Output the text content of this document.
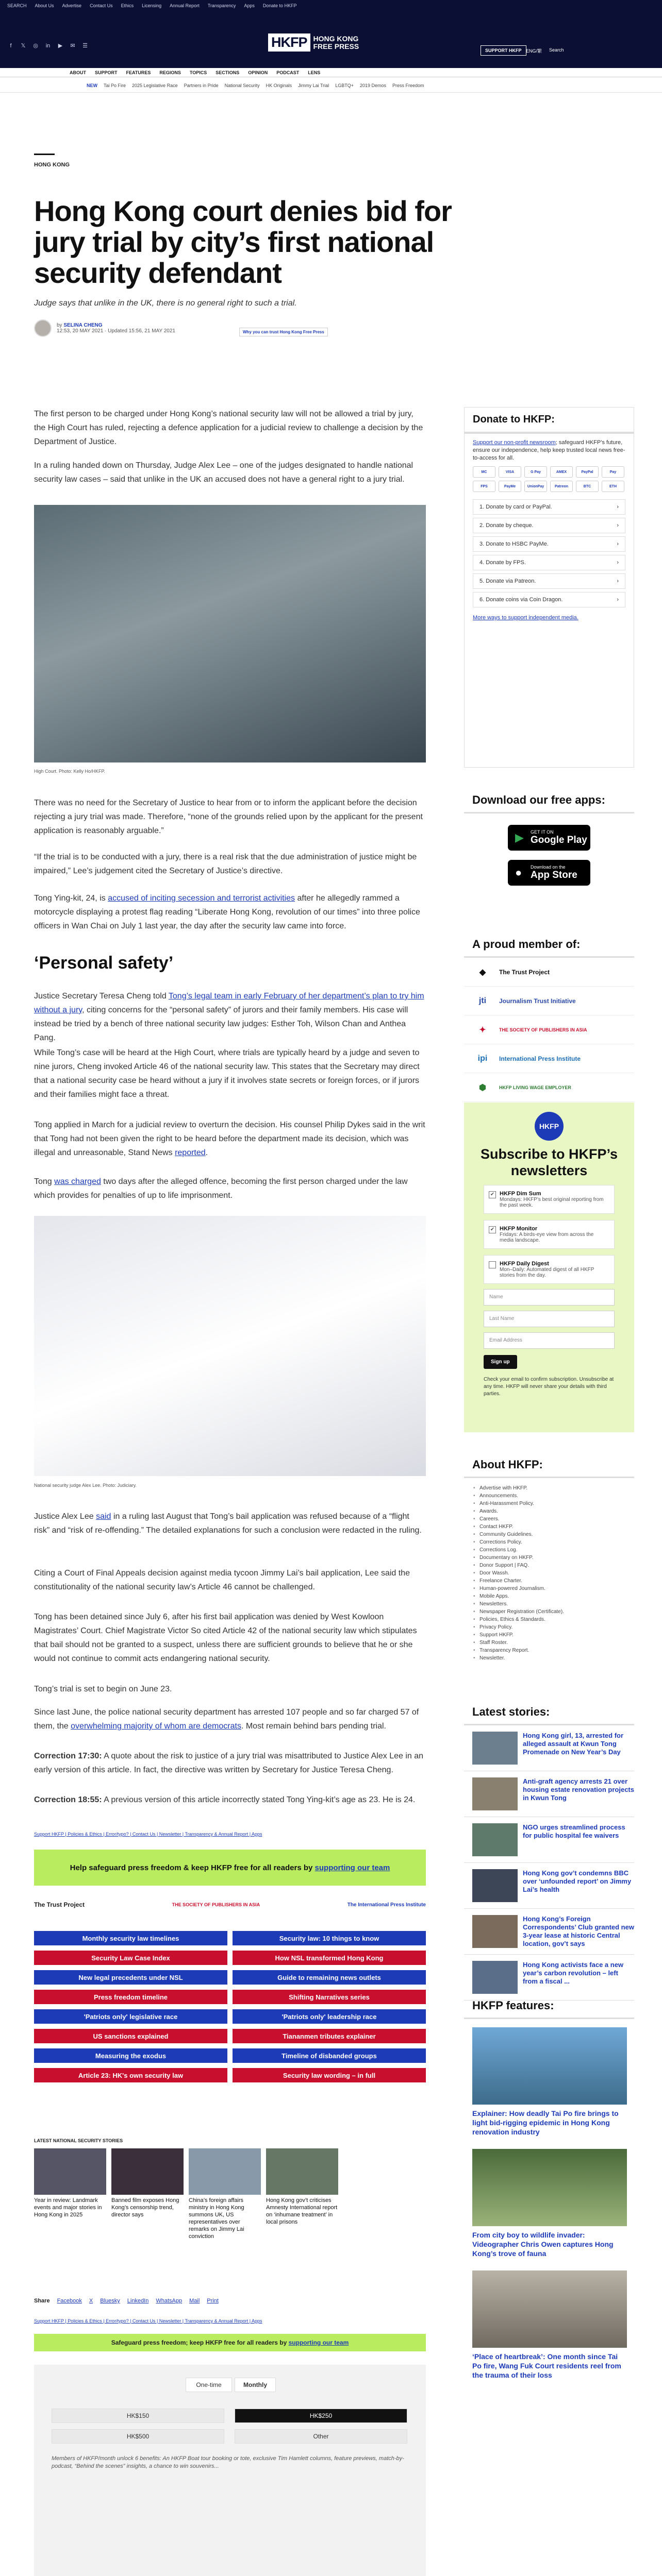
SEARCH About Us Advertise Contact Us Ethics Licensing Annual Report Transparency Apps Donate to HKFP
f	𝕏 ◎ in ▶ ✉ ☰	HKFP HONG KONG
FREE PRESS
SUPPORT HKFP ENG/繁 Search
ABOUT SUPPORT FEATURES REGIONS TOPICS SECTIONS OPINION PODCAST LENS
NEW Tai Po Fire 2025 Legislative Race Partners in Pride National Security HK Originals Jimmy Lai Trial LGBTQ+ 2019 Demos Press Freedom
HONG KONG
Hong Kong court denies bid for jury trial by city’s first national security defendant
Judge says that unlike in the UK, there is no general right to such a trial.
by SELINA CHENG
12:53, 20 MAY 2021 · Updated 15:56, 21 MAY 2021	Why you can trust Hong Kong Free Press

The first person to be charged under Hong Kong’s national security law will not be allowed a trial by jury, the High Court has ruled, rejecting a defence application for a judicial review to challenge a decision by the Department of Justice.

In a ruling handed down on Thursday, Judge Alex Lee – one of the judges designated to handle national security law cases – said that unlike in the UK an accused does not have a general right to a jury trial.

High Court. Photo: Kelly Ho/HKFP.

There was no need for the Secretary of Justice to hear from or to inform the applicant before the decision rejecting a jury trial was made. Therefore, “none of the grounds relied upon by the applicant for the present application is reasonably arguable.”

“If the trial is to be conducted with a jury, there is a real risk that the due administration of justice might be impaired,” Lee’s judgement cited the Secretary of Justice’s directive.

Tong Ying-kit, 24, is accused of inciting secession and terrorist activities after he allegedly rammed a motorcycle displaying a protest flag reading “Liberate Hong Kong, revolution of our times” into three police officers in Wan Chai on July 1 last year, the day after the security law came into force.

‘Personal safety’

Justice Secretary Teresa Cheng told Tong’s legal team in early February of her department’s plan to try him without a jury, citing concerns for the “personal safety” of jurors and their family members. His case will instead be tried by a bench of three national security law judges: Esther Toh, Wilson Chan and Anthea Pang.

While Tong’s case will be heard at the High Court, where trials are typically heard by a judge and seven to nine jurors, Cheng invoked Article 46 of the national security law. This states that the Secretary may direct that a national security case be heard without a jury if it involves state secrets or foreign forces, or if jurors and their families might face a threat.

Tong applied in March for a judicial review to overturn the decision. His counsel Philip Dykes said in the writ that Tong had not been given the right to be heard before the department made its decision, which was illegal and unreasonable, Stand News reported.

Tong was charged two days after the alleged offence, becoming the first person charged under the law which provides for penalties of up to life imprisonment.

National security judge Alex Lee. Photo: Judiciary.

Justice Alex Lee said in a ruling last August that Tong’s bail application was refused because of a “flight risk” and “risk of re-offending.” The detailed explanations for such a conclusion were redacted in the ruling.

Citing a Court of Final Appeals decision against media tycoon Jimmy Lai’s bail application, Lee said the constitutionality of the national security law’s Article 46 cannot be challenged.

Tong has been detained since July 6, after his first bail application was denied by West Kowloon Magistrates’ Court. Chief Magistrate Victor So cited Article 42 of the national security law which stipulates that bail should not be granted to a suspect, unless there are sufficient grounds to believe that he or she would not continue to commit acts endangering national security.

Tong’s trial is set to begin on June 23.

Since last June, the police national security department has arrested 107 people and so far charged 57 of them, the overwhelming majority of whom are democrats. Most remain behind bars pending trial.

Correction 17:30: A quote about the risk to justice of a jury trial was misattributed to Justice Alex Lee in an early version of this article. In fact, the directive was written by Secretary for Justice Teresa Cheng.

Correction 18:55: A previous version of this article incorrectly stated Tong Ying-kit’s age as 23. He is 24.

Support HKFP | Policies & Ethics | Error/typo? | Contact Us | Newsletter | Transparency & Annual Report | Apps
Help safeguard press freedom & keep HKFP free for all readers by supporting our team
The Trust Project	THE SOCIETY OF PUBLISHERS IN ASIA	The International Press Institute
Monthly security law timelines	Security law: 10 things to know
Security Law Case Index	How NSL transformed Hong Kong
New legal precedents under NSL	Guide to remaining news outlets
Press freedom timeline	Shifting Narratives series
'Patriots only' legislative race	'Patriots only' leadership race
US sanctions explained	Tiananmen tributes explainer
Measuring the exodus	Timeline of disbanded groups
Article 23: HK's own security law	Security law wording – in full
LATEST NATIONAL SECURITY STORIES
Year in review: Landmark events and major stories in Hong Kong in 2025
Banned film exposes Hong Kong’s censorship trend, director says
China’s foreign affairs ministry in Hong Kong summons UK, US representatives over remarks on Jimmy Lai conviction
Hong Kong gov’t criticises Amnesty International report on ‘inhumane treatment’ in local prisons
Share Facebook X Bluesky LinkedIn WhatsApp Mail Print
Support HKFP | Policies & Ethics | Error/typo? | Contact Us | Newsletter | Transparency & Annual Report | Apps
Safeguard press freedom; keep HKFP free for all readers by supporting our team
One-time	Monthly
HK$150	HK$250
HK$500	Other
Members of HKFP/month unlock 6 benefits: An HKFP Boat tour booking or tote, exclusive Tim Hamlett columns, feature previews, match-by-podcast, “Behind the scenes” insights, a chance to win souvenirs...
Donate to HKFP:

Support our non-profit newsroom; safeguard HKFP’s future, ensure our independence, help keep trusted local news free-to-access for all.

MC	VISA	G Pay	AMEX	PayPal	Pay
FPS	PayMe	UnionPay	Patreon	BTC	ETH
1. Donate by card or PayPal.	›
2. Donate by cheque.	›
3. Donate to HSBC PayMe.	›
4. Donate by FPS.	›
5. Donate via Patreon.	›
6. Donate coins via Coin Dragon.	›
More ways to support independent media.
Download our free apps:
▶ GET IT ON
Google Play
● Download on the
App Store
A proud member of:
◆	The Trust Project
jti	Journalism Trust Initiative
✦	THE SOCIETY OF PUBLISHERS IN ASIA
ipi	International Press Institute
⬢	HKFP LIVING WAGE EMPLOYER
HKFP
Subscribe to HKFP’s newsletters
✔ HKFP Dim Sum
Mondays: HKFP’s best original reporting from the past week.
✔ HKFP Monitor
Fridays: A birds-eye view from across the media landscape.
HKFP Daily Digest
Mon–Daily: Automated digest of all HKFP stories from the day.
Name
Last Name
Email Address
Sign up

Check your email to confirm subscription. Unsubscribe at any time. HKFP will never share your details with third parties.

About HKFP:
• Advertise with HKFP.
• Announcements.
• Anti-Harassment Policy.
• Awards.
• Careers.
• Contact HKFP.
• Community Guidelines.
• Corrections Policy.
• Corrections Log.
• Documentary on HKFP.
• Donor Support | FAQ.
• Door Wassh.
• Freelance Charter.
• Human-powered Journalism.
• Mobile Apps.
• Newsletters.
• Newspaper Registration (Certificate).
• Policies, Ethics & Standards.
• Privacy Policy.
• Support HKFP.
• Staff Roster.
• Transparency Report.
• Newsletter.
Latest stories:
Hong Kong girl, 13, arrested for alleged assault at Kwun Tong Promenade on New Year’s Day
Anti-graft agency arrests 21 over housing estate renovation projects in Kwun Tong
NGO urges streamlined process for public hospital fee waivers
Hong Kong gov’t condemns BBC over ‘unfounded report’ on Jimmy Lai’s health
Hong Kong’s Foreign Correspondents’ Club granted new 3-year lease at historic Central location, gov’t says
Hong Kong activists face a new year’s carbon revolution – left from a fiscal ...
HKFP features:
Explainer: How deadly Tai Po fire brings to light bid-rigging epidemic in Hong Kong renovation industry
From city boy to wildlife invader: Videographer Chris Owen captures Hong Kong’s trove of fauna
‘Place of heartbreak’: One month since Tai Po fire, Wang Fuk Court residents reel from the trauma of their loss
